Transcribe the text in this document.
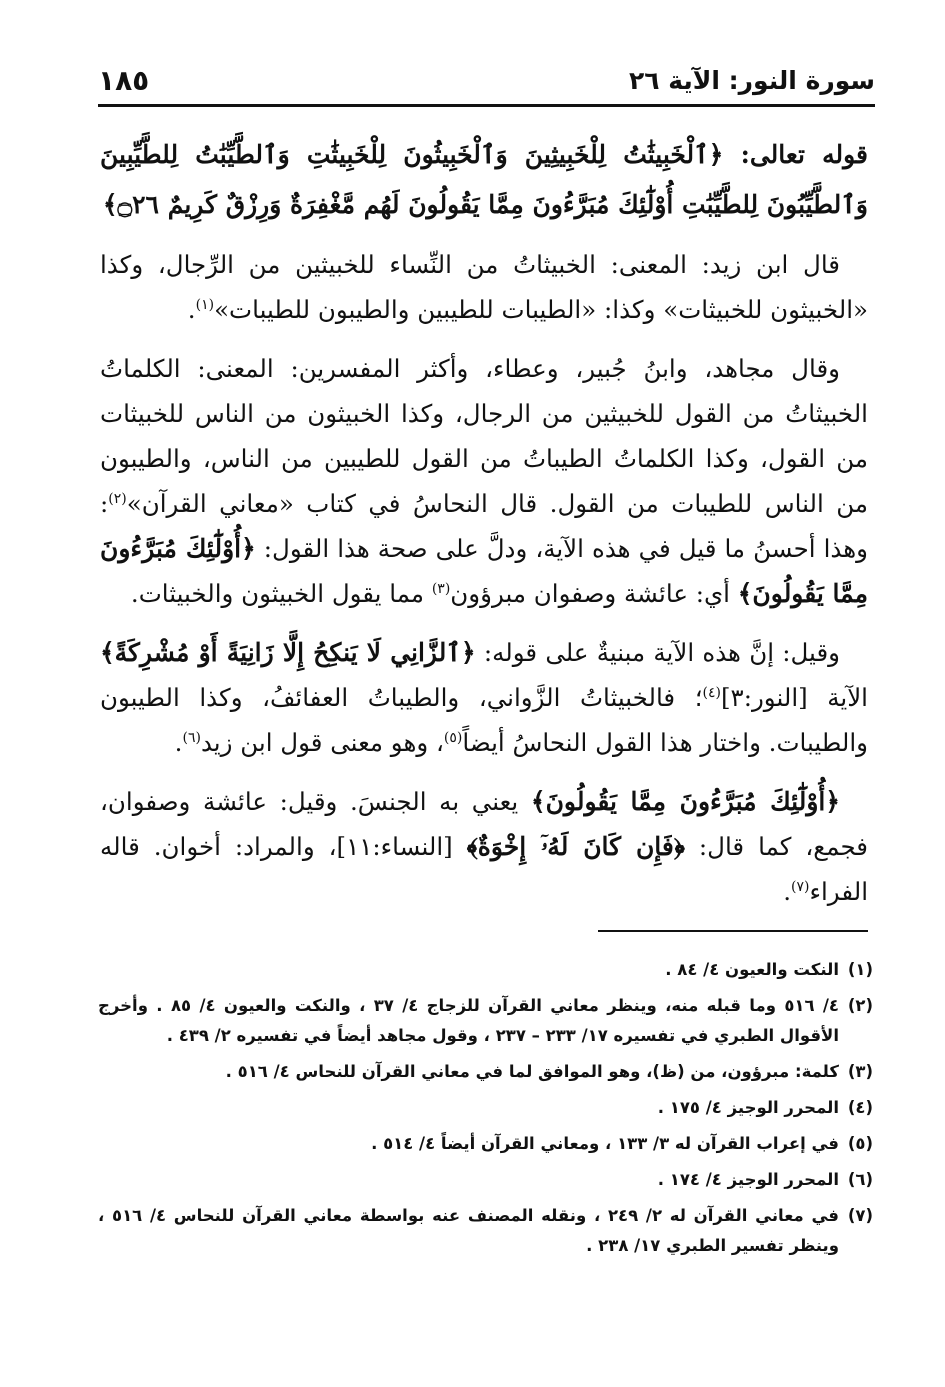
سورة النور: الآية ٢٦
١٨٥

قوله تعالى: ﴿ٱلْخَبِيثَٰتُ لِلْخَبِيثِينَ وَٱلْخَبِيثُونَ لِلْخَبِيثَٰتِ وَٱلطَّيِّبَٰتُ لِلطَّيِّبِينَ وَٱلطَّيِّبُونَ لِلطَّيِّبَٰتِ أُوْلَٰٓئِكَ مُبَرَّءُونَ مِمَّا يَقُولُونَ لَهُم مَّغْفِرَةٌ وَرِزْقٌ كَرِيمٌ ۝٢٦﴾

قال ابن زيد: المعنى: الخبيثاتُ من النِّساء للخبيثين من الرِّجال، وكذا «الخبيثون للخبيثات» وكذا: «الطيبات للطيبين والطيبون للطيبات»$^{(١)}$.

وقال مجاهد، وابنُ جُبير، وعطاء، وأكثر المفسرين: المعنى: الكلماتُ الخبيثاتُ من القول للخبيثين من الرجال، وكذا الخبيثون من الناس للخبيثات من القول، وكذا الكلماتُ الطيباتُ من القول للطيبين من الناس، والطيبون من الناس للطيبات من القول. قال النحاسُ في كتاب «معاني القرآن»$^{(٢)}$: وهذا أحسنُ ما قيل في هذه الآية، ودلَّ على صحة هذا القول: ﴿أُوْلَٰٓئِكَ مُبَرَّءُونَ مِمَّا يَقُولُونَ﴾ أي: عائشة وصفوان مبرؤون$^{(٣)}$ مما يقول الخبيثون والخبيثات.

وقيل: إنَّ هذه الآية مبنيةٌ على قوله: ﴿ٱلزَّانِي لَا يَنكِحُ إِلَّا زَانِيَةً أَوْ مُشْرِكَةً﴾ الآية [النور:٣]$^{(٤)}$؛ فالخبيثاتُ الزَّواني، والطيباتُ العفائفُ، وكذا الطيبون والطيبات. واختار هذا القول النحاسُ أيضاً$^{(٥)}$، وهو معنى قول ابن زيد$^{(٦)}$.

﴿أُوْلَٰٓئِكَ مُبَرَّءُونَ مِمَّا يَقُولُونَ﴾ يعني به الجنسَ. وقيل: عائشة وصفوان، فجمع، كما قال: ﴿فَإِن كَانَ لَهُۥٓ إِخْوَةٌ﴾ [النساء:١١]، والمراد: أخوان. قاله الفراء$^{(٧)}$.

(١)
النكت والعيون ٤/ ٨٤ .
(٢)
٤/ ٥١٦ وما قبله منه، وينظر معاني القرآن للزجاج ٤/ ٣٧ ، والنكت والعيون ٤/ ٨٥ . وأخرج الأقوال الطبري في تفسيره ١٧/ ٢٣٣ – ٢٣٧ ، وقول مجاهد أيضاً في تفسيره ٢/ ٤٣٩ .
(٣)
كلمة: مبرؤون، من (ظ)، وهو الموافق لما في معاني القرآن للنحاس ٤/ ٥١٦ .
(٤)
المحرر الوجيز ٤/ ١٧٥ .
(٥)
في إعراب القرآن له ٣/ ١٣٣ ، ومعاني القرآن أيضاً ٤/ ٥١٤ .
(٦)
المحرر الوجيز ٤/ ١٧٤ .
(٧)
في معاني القرآن له ٢/ ٢٤٩ ، ونقله المصنف عنه بواسطة معاني القرآن للنحاس ٤/ ٥١٦ ، وينظر تفسير الطبري ١٧/ ٢٣٨ .
